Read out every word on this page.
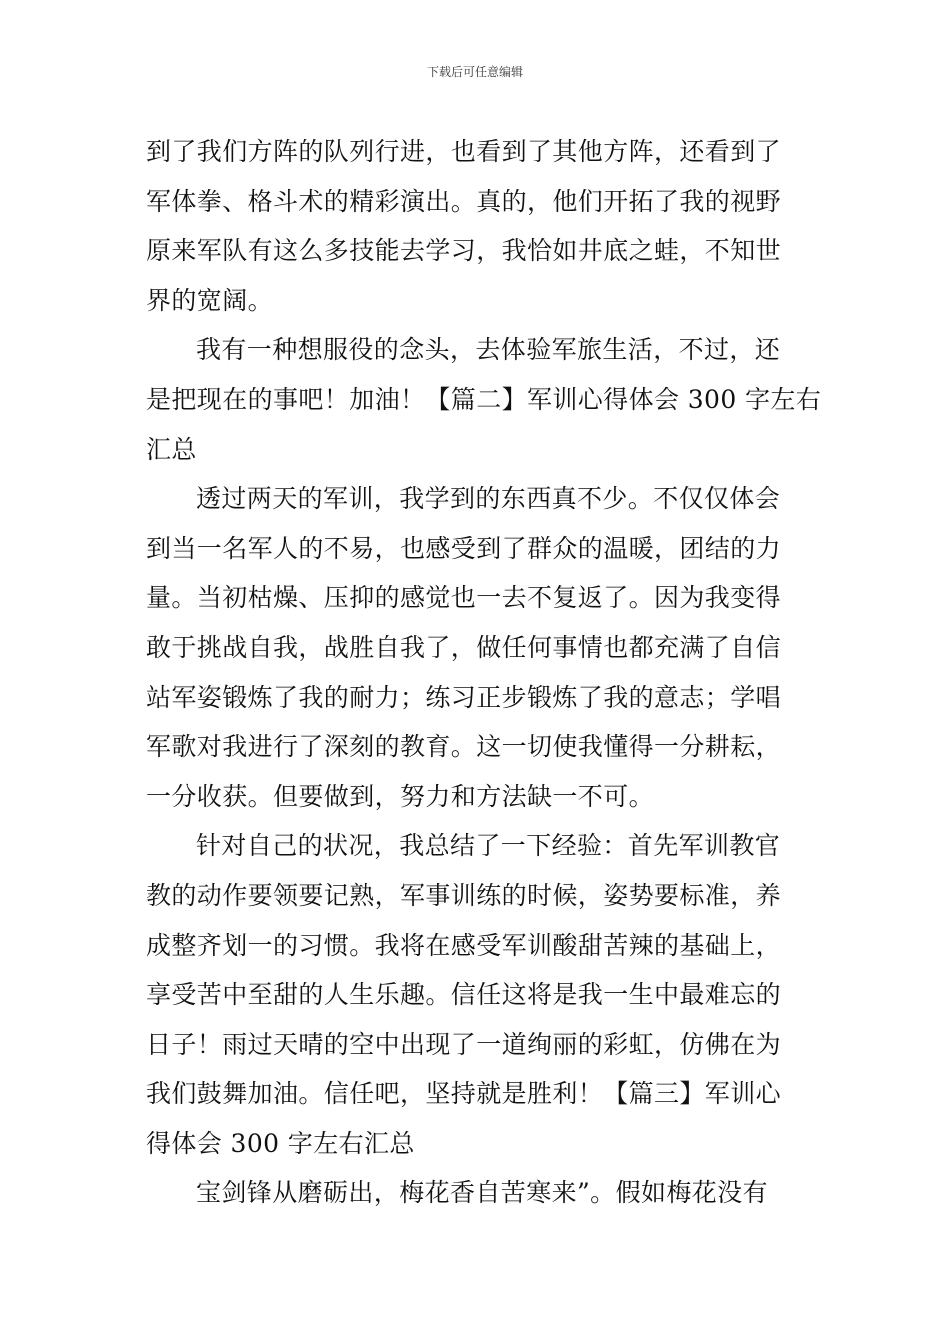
下载后可任意编辑
到了我们方阵的队列行进，也看到了其他方阵，还看到了
军体拳、格斗术的精彩演出。真的，他们开拓了我的视野
原来军队有这么多技能去学习，我恰如井底之蛙，不知世
界的宽阔。
我有一种想服役的念头，去体验军旅生活，不过，还
是把现在的事吧！加油！【篇二】军训心得体会 300 字左右
汇总
透过两天的军训，我学到的东西真不少。不仅仅体会
到当一名军人的不易，也感受到了群众的温暖，团结的力
量。当初枯燥、压抑的感觉也一去不复返了。因为我变得
敢于挑战自我，战胜自我了，做任何事情也都充满了自信
站军姿锻炼了我的耐力；练习正步锻炼了我的意志；学唱
军歌对我进行了深刻的教育。这一切使我懂得一分耕耘，
一分收获。但要做到，努力和方法缺一不可。
针对自己的状况，我总结了一下经验：首先军训教官
教的动作要领要记熟，军事训练的时候，姿势要标准，养
成整齐划一的习惯。我将在感受军训酸甜苦辣的基础上，
享受苦中至甜的人生乐趣。信任这将是我一生中最难忘的
日子！雨过天晴的空中出现了一道绚丽的彩虹，仿佛在为
我们鼓舞加油。信任吧，坚持就是胜利！【篇三】军训心
得体会 300 字左右汇总
宝剑锋从磨砺出，梅花香自苦寒来”。假如梅花没有
